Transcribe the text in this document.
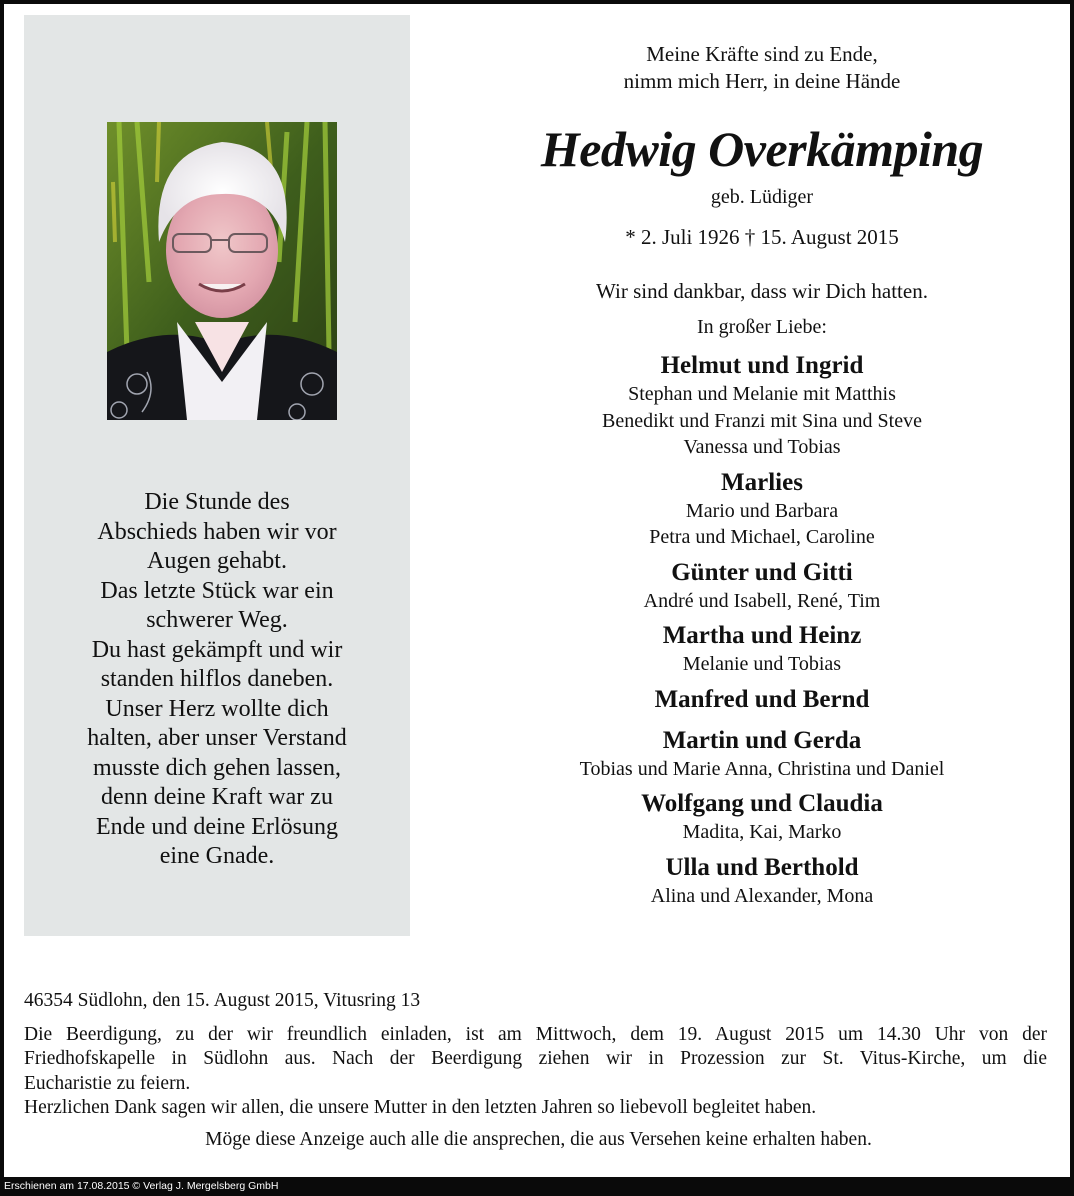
Die Stunde des
Abschieds haben wir vor
Augen gehabt.
Das letzte Stück war ein
schwerer Weg.
Du hast gekämpft und wir
standen hilflos daneben.
Unser Herz wollte dich
halten, aber unser Verstand
musste dich gehen lassen,
denn deine Kraft war zu
Ende und deine Erlösung
eine Gnade.
Meine Kräfte sind zu Ende,
nimm mich Herr, in deine Hände
Hedwig Overkämping
geb. Lüdiger
* 2. Juli 1926 † 15. August 2015
Wir sind dankbar, dass wir Dich hatten.
In großer Liebe:
Helmut und Ingrid
Stephan und Melanie mit Matthis
Benedikt und Franzi mit Sina und Steve
Vanessa und Tobias
Marlies
Mario und Barbara
Petra und Michael, Caroline
Günter und Gitti
André und Isabell, René, Tim
Martha und Heinz
Melanie und Tobias
Manfred und Bernd
Martin und Gerda
Tobias und Marie Anna, Christina und Daniel
Wolfgang und Claudia
Madita, Kai, Marko
Ulla und Berthold
Alina und Alexander, Mona
46354 Südlohn, den 15. August 2015, Vitusring 13
Die Beerdigung, zu der wir freundlich einladen, ist am Mittwoch, dem 19. August 2015 um 14.30 Uhr von der
Friedhofskapelle in Südlohn aus. Nach der Beerdigung ziehen wir in Prozession zur St. Vitus-Kirche, um die
Eucharistie zu feiern.
Herzlichen Dank sagen wir allen, die unsere Mutter in den letzten Jahren so liebevoll begleitet haben.
Möge diese Anzeige auch alle die ansprechen, die aus Versehen keine erhalten haben.
Erschienen am 17.08.2015 © Verlag J. Mergelsberg GmbH
